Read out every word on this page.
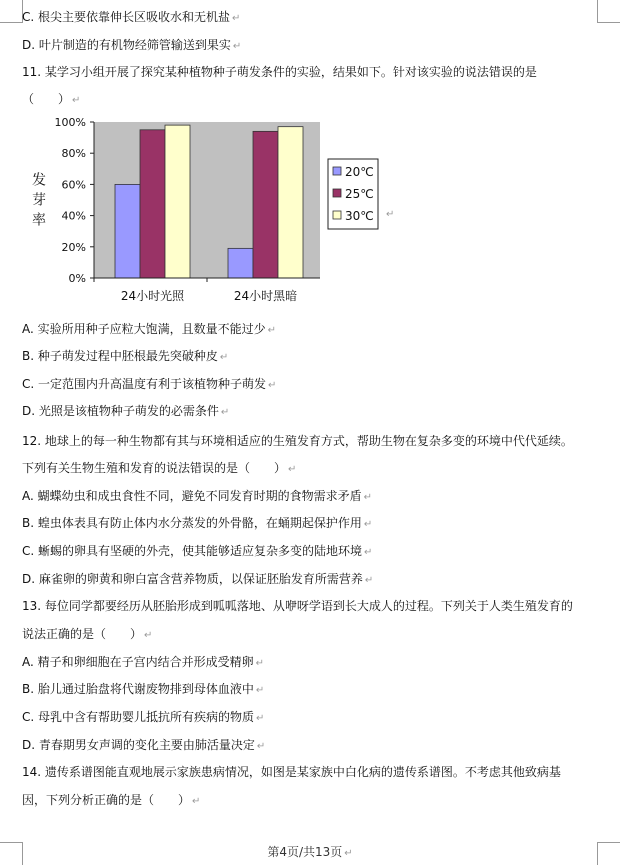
C. 根尖主要依靠伸长区吸收水和无机盐 ↵
D. 叶片制造的有机物经筛管输送到果实 ↵
11. 某学习小组开展了探究某种植物种子萌发条件的实验，结果如下。针对该实验的说法错误的是
（　　） ↵
0%
20%
40%
60%
80%
100%
24小时光照	24小时黑暗
发芽率	20℃
25℃
30℃ ↵
A. 实验所用种子应粒大饱满，且数量不能过少 ↵
B. 种子萌发过程中胚根最先突破种皮 ↵
C. 一定范围内升高温度有利于该植物种子萌发 ↵
D. 光照是该植物种子萌发的必需条件 ↵
12. 地球上的每一种生物都有其与环境相适应的生殖发育方式，帮助生物在复杂多变的环境中代代延续。
下列有关生物生殖和发育的说法错误的是（　　） ↵
A. 蝴蝶幼虫和成虫食性不同，避免不同发育时期的食物需求矛盾 ↵
B. 蝗虫体表具有防止体内水分蒸发的外骨骼，在蛹期起保护作用 ↵
C. 蜥蜴的卵具有坚硬的外壳，使其能够适应复杂多变的陆地环境 ↵
D. 麻雀卵的卵黄和卵白富含营养物质，以保证胚胎发育所需营养 ↵
13. 每位同学都要经历从胚胎形成到呱呱落地、从咿呀学语到长大成人的过程。下列关于人类生殖发育的
说法正确的是（　　） ↵
A. 精子和卵细胞在子宫内结合并形成受精卵 ↵
B. 胎儿通过胎盘将代谢废物排到母体血液中 ↵
C. 母乳中含有帮助婴儿抵抗所有疾病的物质 ↵
D. 青春期男女声调的变化主要由肺活量决定 ↵
14. 遗传系谱图能直观地展示家族患病情况，如图是某家族中白化病的遗传系谱图。不考虑其他致病基
因，下列分析正确的是（　　） ↵
第4页/共13页 ↵
